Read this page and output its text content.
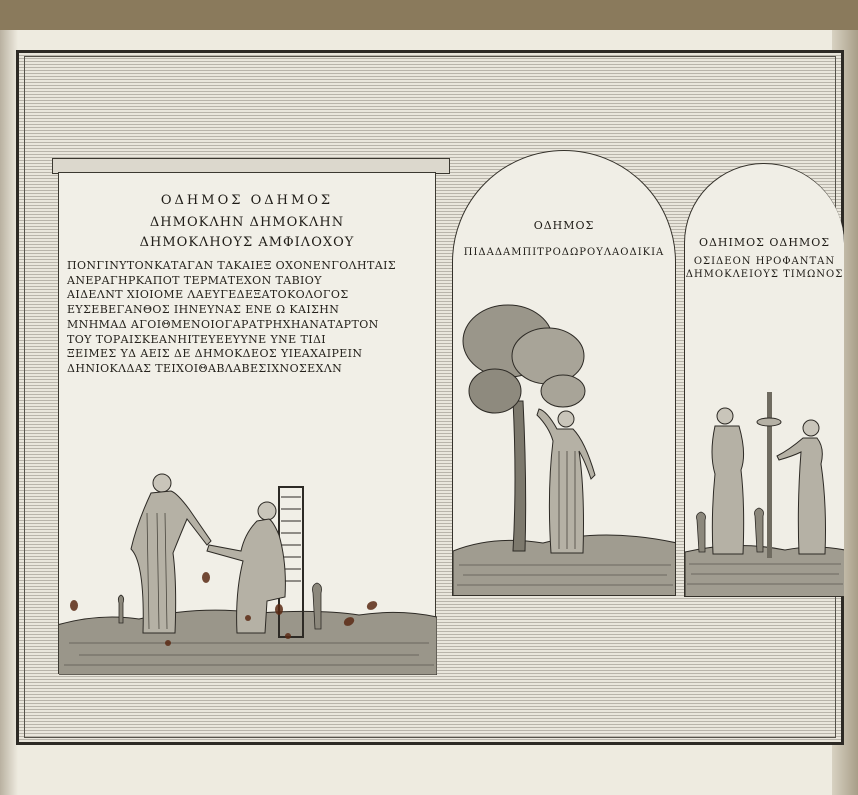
ΟΔΗΜΟΣ ΟΔΗΜΟΣ
ΔΗΜΟΚΛΗΝ ΔΗΜΟΚΛΗΝ
ΔΗΜΟΚΛΗΟΥΣ ΑΜΦΙΛΟΧΟΥ
ΠΟΝΓΙΝΥΤΟΝΚΑΤΑΓΑΝ ΤΑΚΑΙΕΞ ΟΧΟΝΕΝΓΟΛΗΤΑΙΣ
ΑΝΕΡΑΓΗΡΚΑΠΟΤ ΤΕΡΜΑΤΕΧΟΝ ΤΑΒΙΟΥ
ΑΙΔΕΛΝΤ ΧΙΟΙΟΜΕ ΛΑΕΥΓΕΔΕΞΑΤΟΚΟΛΟΓΟΣ
ΕΥΣΕΒΕΓΑΝΘΟΣ ΙΗΝΕΥΝΑΣ ΕΝΕ Ω ΚΑΙΣΗΝ
ΜΝΗΜΑΔ ΑΓΟΙΘΜΕΝΟΙΟΓΑΡΑΤΡΗΧΗΑΝΑΤΑΡΤΟΝ
ΤΟΥ ΤΟΡΑΙΣΚΕΑΝΗΙΤΕΥΕΕΥΥΝΕ ΥΝΕ ΤΙΔΙ
ΞΕΙΜΕΣ ΥΔ ΑΕΙΣ ΔΕ ΔΗΜΟΚΔΕΟΣ ΥΙΕΑΧΑΙΡΕΙΝ
ΔΗΝΙΟΚΛΔΑΣ ΤΕΙΧΟΙΘΑΒΛΑΒΕΣΙΧΝΟΣΕΧΛΝ
ΟΔΗΜΟΣ
ΠΙΔΑΔΑΜΠΙΤΡΟΔΩΡΟΥΛΑΟΔΙΚΙΑ
ΟΔΗΙΜΟΣ ΟΔΗΜΟΣ
ΟΣΙΔΕΟΝ ΗΡΟΦΑΝΤΑΝ
ΔΗΜΟΚΛΕΙΟΥΣ ΤΙΜΩΝΟΣ
